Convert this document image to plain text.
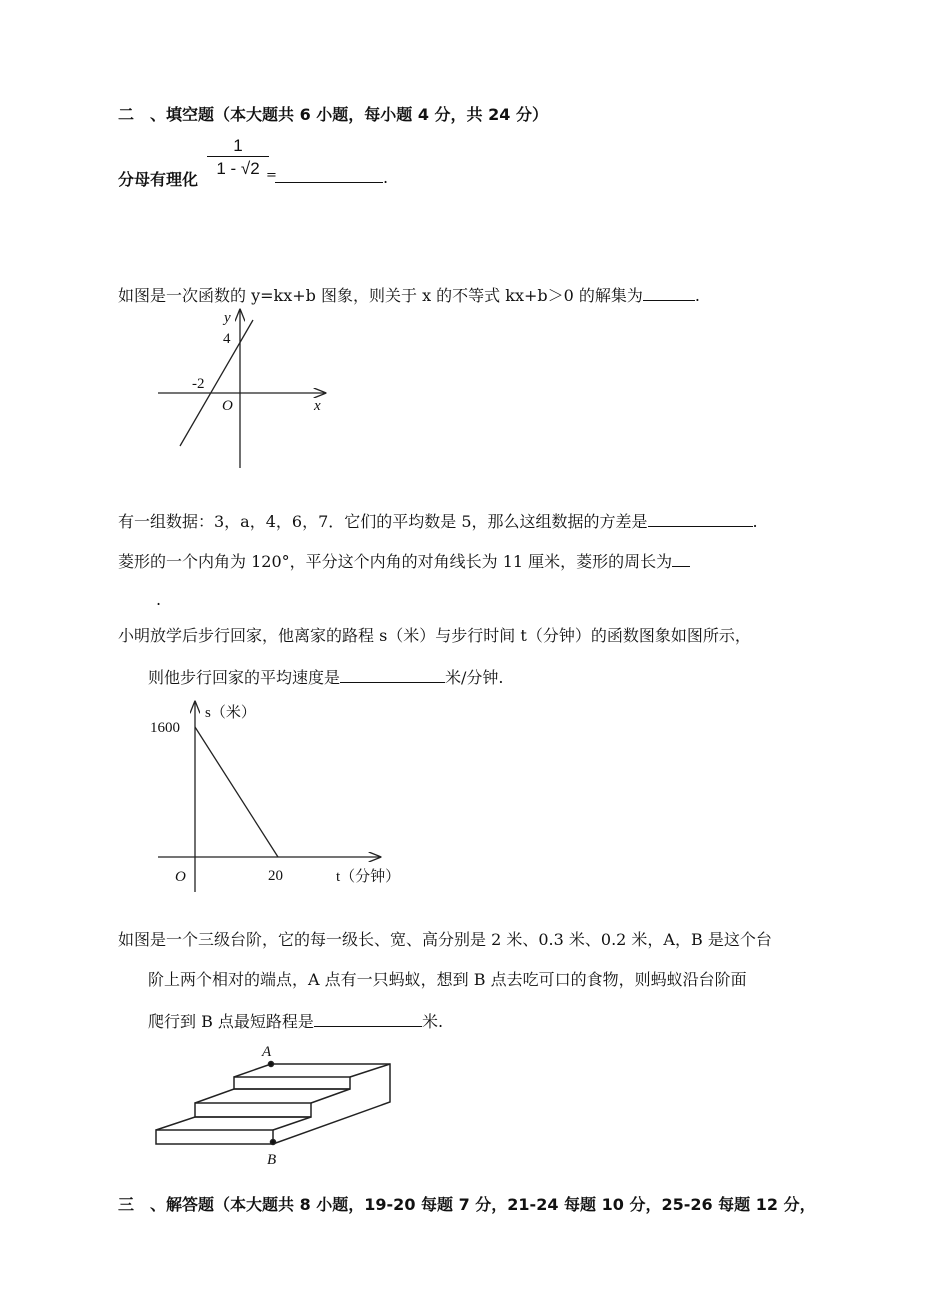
二　、填空题（本大题共 6 小题，每小题 4 分，共 24 分）
1
1 - √2
分母有理化	=	.
如图是一次函数的 y=kx+b 图象，则关于 x 的不等式 kx+b＞0 的解集为	.
y
4
-2
O	x
1600
s（米）
O	20	t（分钟）
A
B
有一组数据：3，a，4，6，7．它们的平均数是 5，那么这组数据的方差是	.
菱形的一个内角为 120°，平分这个内角的对角线长为 11 厘米，菱形的周长为
.
小明放学后步行回家，他离家的路程 s（米）与步行时间 t（分钟）的函数图象如图所示，
则他步行回家的平均速度是	米/分钟.
如图是一个三级台阶，它的每一级长、宽、高分别是 2 米、0.3 米、0.2 米，A，B 是这个台
阶上两个相对的端点，A 点有一只蚂蚁，想到 B 点去吃可口的食物，则蚂蚁沿台阶面
爬行到 B 点最短路程是	米.
三　、解答题（本大题共 8 小题，19-20 每题 7 分，21-24 每题 10 分，25-26 每题 12 分，
